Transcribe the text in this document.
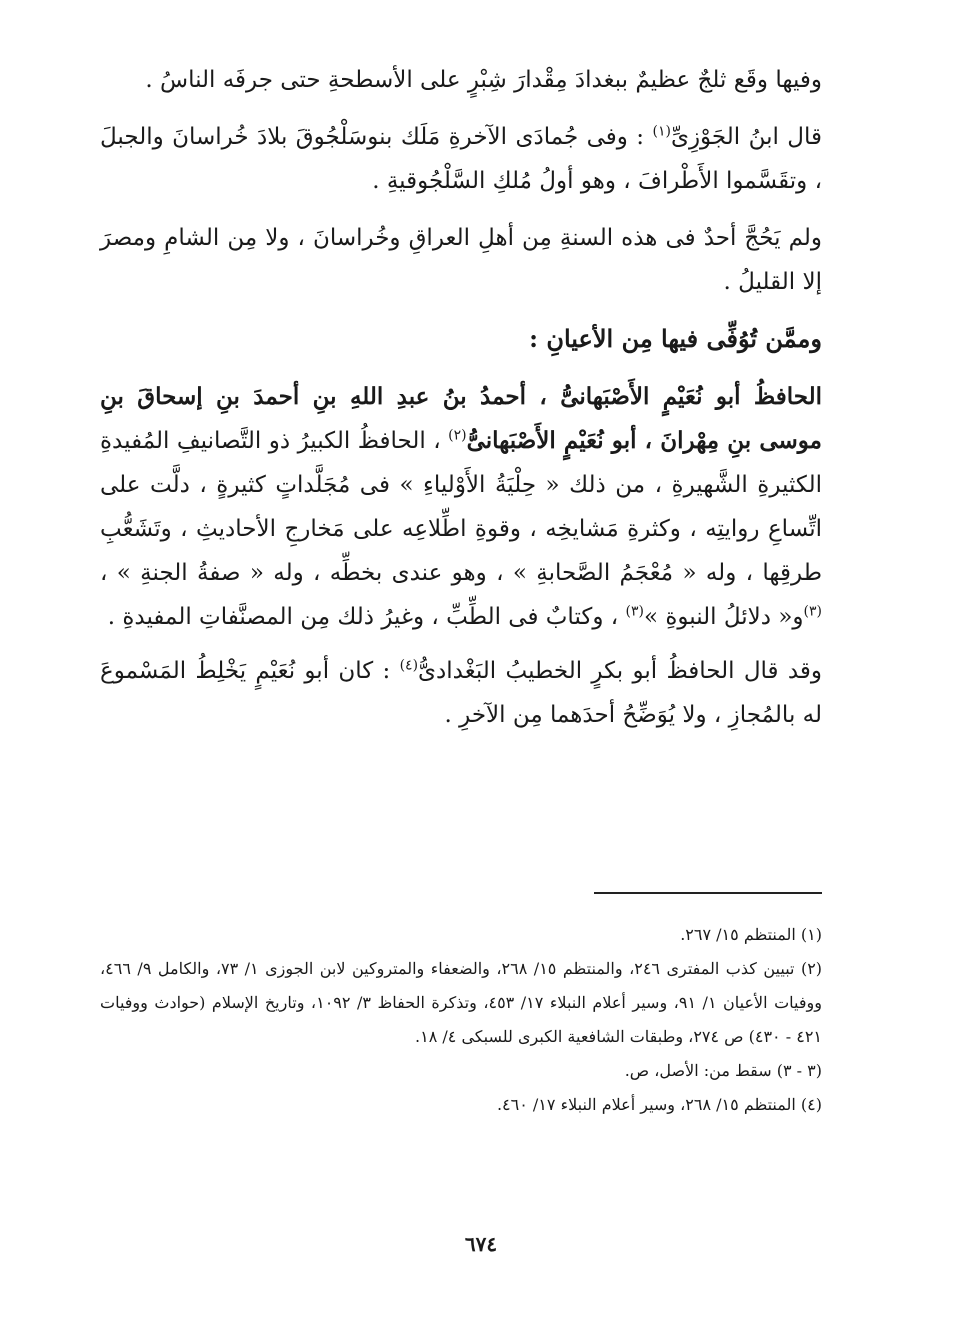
وفيها وقَع ثلجٌ عظيمٌ ببغدادَ مِقْدارَ شِبْرٍ على الأسطحةِ حتى جرفَه الناسُ .

قال ابنُ الجَوْزِىِّ$^{(١)}$ : وفى جُمادَى الآخرةِ مَلَك بنوسَلْجُوقَ بلادَ خُراسانَ والجبلَ ، وتقَسَّموا الأَطْرافَ ، وهو أولُ مُلكِ السَّلْجُوقيةِ .

ولم يَحُجَّ أحدٌ فى هذه السنةِ مِن أهلِ العراقِ وخُراسانَ ، ولا مِن الشامِ ومصرَ إلا القليلُ .

وممَّن تُوُفِّى فيها مِن الأعيانِ :

الحافظُ أبو نُعَيْمٍ الأَصْبَهانىُّ ، أحمدُ بنُ عبدِ اللهِ بنِ أحمدَ بنِ إسحاقَ بنِ موسى بنِ مِهْرانَ ، أبو نُعَيْمٍ الأَصْبَهانىُّ$^{(٢)}$ ، الحافظُ الكبيرُ ذو التَّصانيفِ المُفيدةِ الكثيرةِ الشَّهيرةِ ، من ذلك « حِلْيَةُ الأَوْلياءِ » فى مُجَلَّداتٍ كثيرةٍ ، دلَّت على اتِّساعِ روايتِه ، وكثرةِ مَشايخِه ، وقوةِ اطِّلاعِه على مَخارجِ الأحاديثِ ، وتَشَعُّبِ طرقِها ، وله « مُعْجَمُ الصَّحابةِ » ، وهو عندى بخطِّه ، وله « صفةُ الجنةِ » ، $^{(٣)}$و« دلائلُ النبوةِ »$^{(٣)}$ ، وكتابٌ فى الطِّبِّ ، وغيرُ ذلك مِن المصنَّفاتِ المفيدةِ .

وقد قال الحافظُ أبو بكرٍ الخطيبُ البَغْدادىُّ$^{(٤)}$ : كان أبو نُعَيْمٍ يَخْلِطُ المَسْموعَ له بالمُجازِ ، ولا يُوَضِّحُ أحدَهما مِن الآخرِ .

(١) المنتظم ١٥/ ٢٦٧.

(٢) تبيين كذب المفترى ٢٤٦، والمنتظم ١٥/ ٢٦٨، والضعفاء والمتروكين لابن الجوزى ١/ ٧٣، والكامل ٩/ ٤٦٦، ووفيات الأعيان ١/ ٩١، وسير أعلام النبلاء ١٧/ ٤٥٣، وتذكرة الحفاظ ٣/ ١٠٩٢، وتاريخ الإسلام (حوادث ووفيات ٤٢١ - ٤٣٠) ص ٢٧٤، وطبقات الشافعية الكبرى للسبكى ٤/ ١٨.

(٣ - ٣) سقط من: الأصل، ص.

(٤) المنتظم ١٥/ ٢٦٨، وسير أعلام النبلاء ١٧/ ٤٦٠.

٦٧٤
